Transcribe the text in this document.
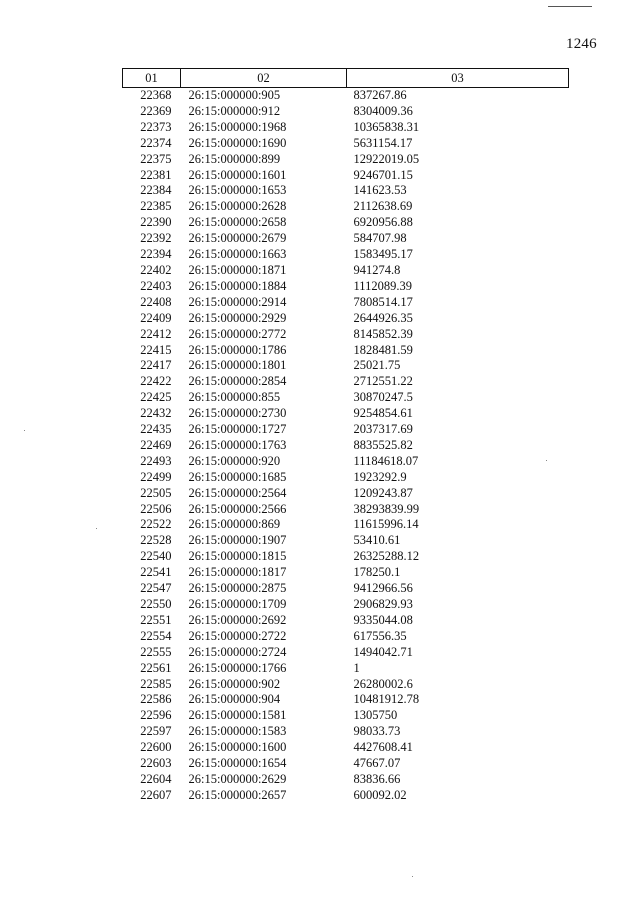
1246
01	02	03
22368	26:15:000000:905	837267.86
22369	26:15:000000:912	8304009.36
22373	26:15:000000:1968	10365838.31
22374	26:15:000000:1690	5631154.17
22375	26:15:000000:899	12922019.05
22381	26:15:000000:1601	9246701.15
22384	26:15:000000:1653	141623.53
22385	26:15:000000:2628	2112638.69
22390	26:15:000000:2658	6920956.88
22392	26:15:000000:2679	584707.98
22394	26:15:000000:1663	1583495.17
22402	26:15:000000:1871	941274.8
22403	26:15:000000:1884	1112089.39
22408	26:15:000000:2914	7808514.17
22409	26:15:000000:2929	2644926.35
22412	26:15:000000:2772	8145852.39
22415	26:15:000000:1786	1828481.59
22417	26:15:000000:1801	25021.75
22422	26:15:000000:2854	2712551.22
22425	26:15:000000:855	30870247.5
22432	26:15:000000:2730	9254854.61
22435	26:15:000000:1727	2037317.69
22469	26:15:000000:1763	8835525.82
22493	26:15:000000:920	11184618.07
22499	26:15:000000:1685	1923292.9
22505	26:15:000000:2564	1209243.87
22506	26:15:000000:2566	38293839.99
22522	26:15:000000:869	11615996.14
22528	26:15:000000:1907	53410.61
22540	26:15:000000:1815	26325288.12
22541	26:15:000000:1817	178250.1
22547	26:15:000000:2875	9412966.56
22550	26:15:000000:1709	2906829.93
22551	26:15:000000:2692	9335044.08
22554	26:15:000000:2722	617556.35
22555	26:15:000000:2724	1494042.71
22561	26:15:000000:1766	1
22585	26:15:000000:902	26280002.6
22586	26:15:000000:904	10481912.78
22596	26:15:000000:1581	1305750
22597	26:15:000000:1583	98033.73
22600	26:15:000000:1600	4427608.41
22603	26:15:000000:1654	47667.07
22604	26:15:000000:2629	83836.66
22607	26:15:000000:2657	600092.02
